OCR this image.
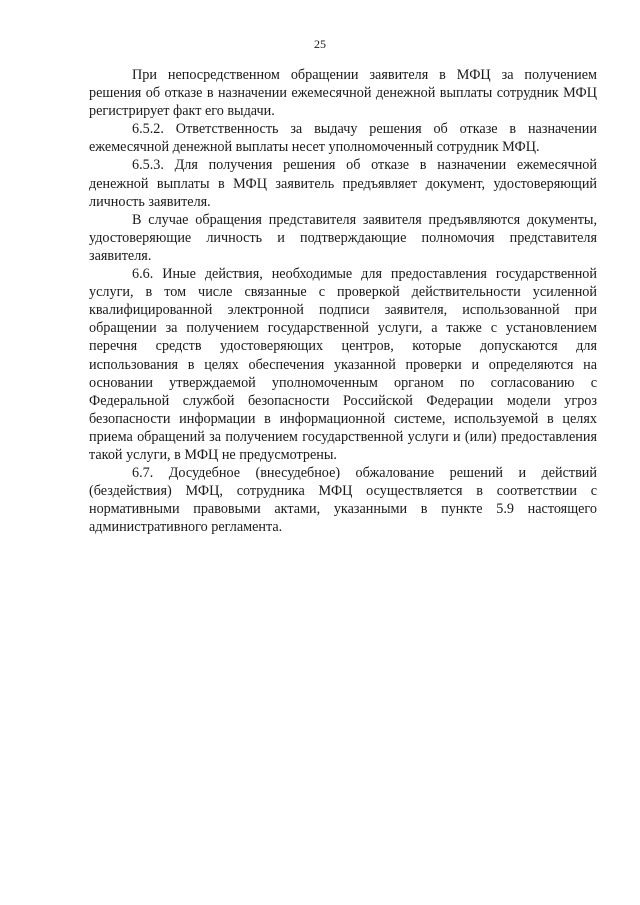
25

При непосредственном обращении заявителя в МФЦ за получением решения об отказе в назначении ежемесячной денежной выплаты сотрудник МФЦ регистрирует факт его выдачи.

6.5.2. Ответственность за выдачу решения об отказе в назначении ежемесячной денежной выплаты несет уполномоченный сотрудник МФЦ.

6.5.3. Для получения решения об отказе в назначении ежемесячной денежной выплаты в МФЦ заявитель предъявляет документ, удостоверяющий личность заявителя.

В случае обращения представителя заявителя предъявляются документы, удостоверяющие личность и подтверждающие полномочия представителя заявителя.

6.6. Иные действия, необходимые для предоставления государственной услуги, в том числе связанные с проверкой действительности усиленной квалифицированной электронной подписи заявителя, использованной при обращении за получением государственной услуги, а также с установлением перечня средств удостоверяющих центров, которые допускаются для использования в целях обеспечения указанной проверки и определяются на основании утверждаемой уполномоченным органом по согласованию с Федеральной службой безопасности Российской Федерации модели угроз безопасности информации в информационной системе, используемой в целях приема обращений за получением государственной услуги и (или) предоставления такой услуги, в МФЦ не предусмотрены.

6.7. Досудебное (внесудебное) обжалование решений и действий (бездействия) МФЦ, сотрудника МФЦ осуществляется в соответствии с нормативными правовыми актами, указанными в пункте 5.9 настоящего административного регламента.
